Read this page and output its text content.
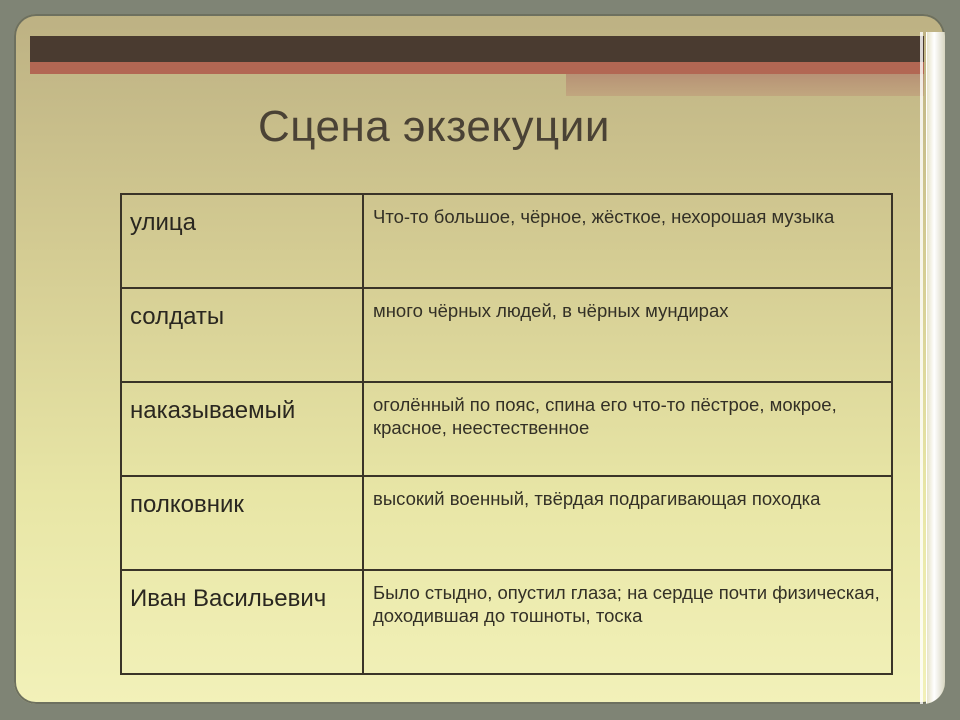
Сцена экзекуции
улица	Что-то большое, чёрное, жёсткое, нехорошая музыка
солдаты	много чёрных людей, в чёрных мундирах
наказываемый	оголённый по пояс, спина его что-то пёстрое, мокрое, красное, неестественное
полковник	высокий военный, твёрдая подрагивающая походка
Иван Васильевич	Было стыдно, опустил глаза; на сердце почти физическая, доходившая до тошноты, тоска
